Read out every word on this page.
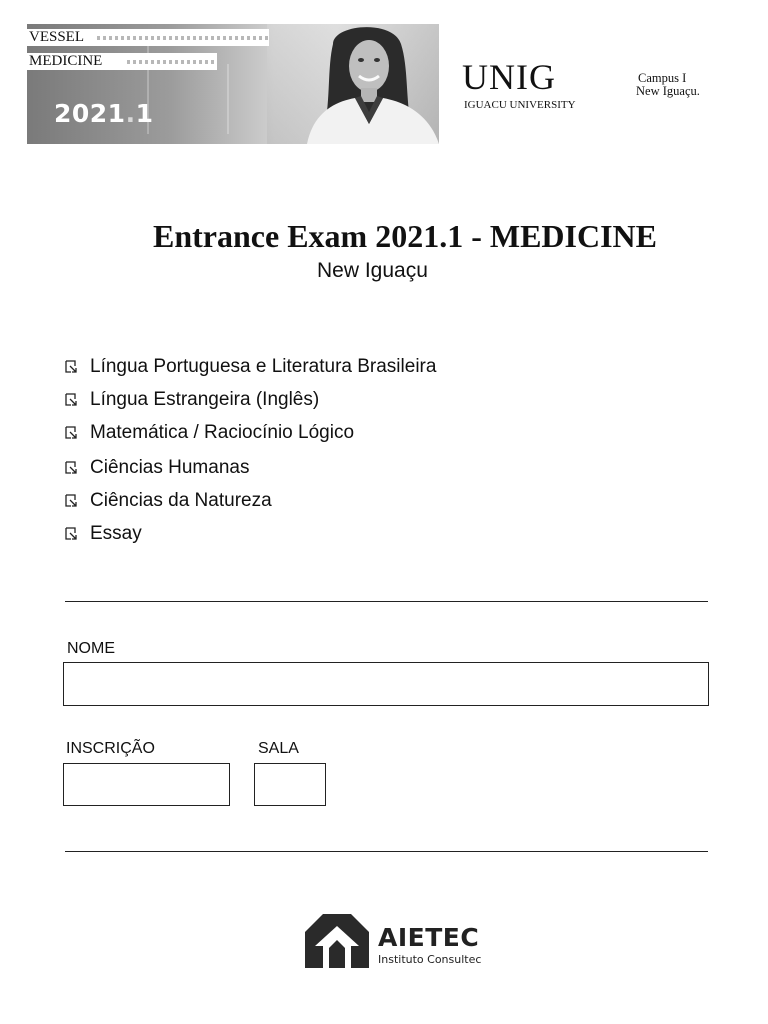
VESSEL
MEDICINE
2021.1
UNIG
IGUACU UNIVERSITY
Campus I
New Iguaçu.
Entrance Exam 2021.1 - MEDICINE
New Iguaçu
Língua Portuguesa e Literatura Brasileira
Língua Estrangeira (Inglês)
Matemática / Raciocínio Lógico
Ciências Humanas
Ciências da Natureza
Essay
NOME
INSCRIÇÃO	SALA
AIETEC
Instituto Consultec
